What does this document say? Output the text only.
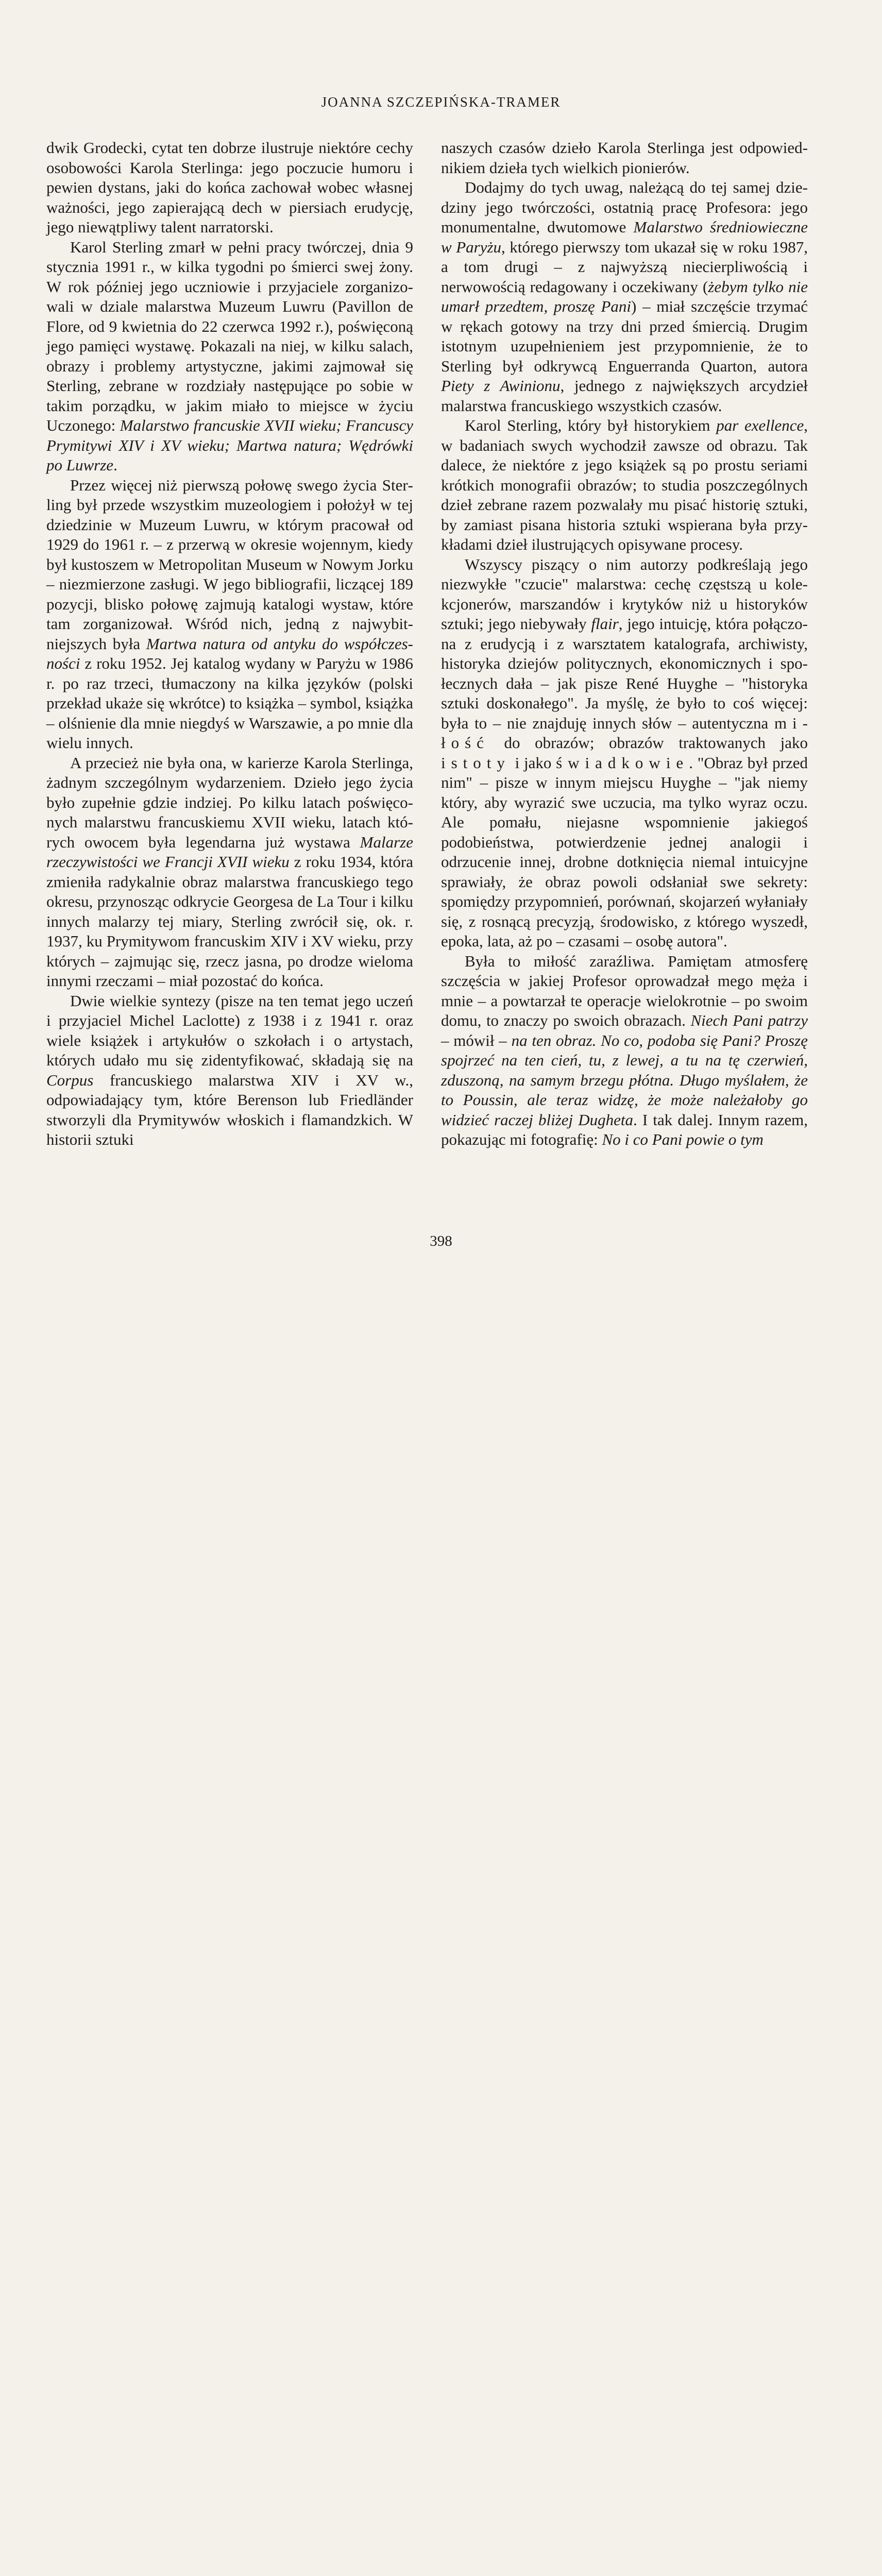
JOANNA SZCZEPIŃSKA-TRAMER

dwik Grodecki, cytat ten dobrze ilustruje niektóre cechy osobowości Karola Sterlinga: jego poczucie humoru i pewien dystans, jaki do końca zachował wobec własnej ważności, jego zapierającą dech w piersiach erudycję, jego niewątpliwy talent narratorski.

Karol Sterling zmarł w pełni pracy twórczej, dnia 9 stycznia 1991 r., w kilka tygodni po śmierci swej żony. W rok później jego uczniowie i przyjaciele zorganizowali w dziale malarstwa Muzeum Luwru (Pavillon de Flore, od 9 kwietnia do 22 czerwca 1992 r.), poświęconą jego pamięci wystawę. Pokazali na niej, w kilku salach, obrazy i problemy artystyczne, jakimi zajmował się Sterling, zebrane w rozdziały następujące po sobie w takim porządku, w jakim miało to miejsce w życiu Uczonego: Malarstwo francuskie XVII wieku; Francuscy Prymitywi XIV i XV wieku; Martwa natura; Wędrówki po Luwrze.

Przez więcej niż pierwszą połowę swego życia Sterling był przede wszystkim muzeologiem i położył w tej dziedzinie w Muzeum Luwru, w którym pracował od 1929 do 1961 r. – z przerwą w okresie wojennym, kiedy był kustoszem w Metropolitan Museum w Nowym Jorku – niezmierzone zasługi. W jego bibliografii, liczącej 189 pozycji, blisko połowę zajmują katalogi wystaw, które tam zorganizował. Wśród nich, jedną z najwybitniejszych była Martwa natura od antyku do współczesności z roku 1952. Jej katalog wydany w Paryżu w 1986 r. po raz trzeci, tłumaczony na kilka języków (polski przekład ukaże się wkrótce) to książka – symbol, książka – olśnienie dla mnie niegdyś w Warszawie, a po mnie dla wielu innych.

A przecież nie była ona, w karierze Karola Sterlinga, żadnym szczególnym wydarzeniem. Dzieło jego życia było zupełnie gdzie indziej. Po kilku latach poświęconych malarstwu francuskiemu XVII wieku, latach których owocem była legendarna już wystawa Malarze rzeczywistości we Francji XVII wieku z roku 1934, która zmieniła radykalnie obraz malarstwa francuskiego tego okresu, przynosząc odkrycie Georgesa de La Tour i kilku innych malarzy tej miary, Sterling zwrócił się, ok. r. 1937, ku Prymitywom francuskim XIV i XV wieku, przy których – zajmując się, rzecz jasna, po drodze wieloma innymi rzeczami – miał pozostać do końca.

Dwie wielkie syntezy (pisze na ten temat jego uczeń i przyjaciel Michel Laclotte) z 1938 i z 1941 r. oraz wiele książek i artykułów o szkołach i o artystach, których udało mu się zidentyfikować, składają się na Corpus francuskiego malarstwa XIV i XV w., odpowiadający tym, które Berenson lub Friedländer stworzyli dla Prymitywów włoskich i flamandzkich. W historii sztuki

naszych czasów dzieło Karola Sterlinga jest odpowiednikiem dzieła tych wielkich pionierów.

Dodajmy do tych uwag, należącą do tej samej dziedziny jego twórczości, ostatnią pracę Profesora: jego monumentalne, dwutomowe Malarstwo średniowieczne w Paryżu, którego pierwszy tom ukazał się w roku 1987, a tom drugi – z najwyższą niecierpliwością i nerwowością redagowany i oczekiwany (żebym tylko nie umarł przedtem, proszę Pani) – miał szczęście trzymać w rękach gotowy na trzy dni przed śmiercią. Drugim istotnym uzupełnieniem jest przypomnienie, że to Sterling był odkrywcą Enguerranda Quarton, autora Piety z Awinionu, jednego z największych arcydzieł malarstwa francuskiego wszystkich czasów.

Karol Sterling, który był historykiem par exellence, w badaniach swych wychodził zawsze od obrazu. Tak dalece, że niektóre z jego książek są po prostu seriami krótkich monografii obrazów; to studia poszczególnych dzieł zebrane razem pozwalały mu pisać historię sztuki, by zamiast pisana historia sztuki wspierana była przykładami dzieł ilustrujących opisywane procesy.

Wszyscy piszący o nim autorzy podkreślają jego niezwykłe "czucie" malarstwa: cechę częstszą u kolekcjonerów, marszandów i krytyków niż u historyków sztuki; jego niebywały flair, jego intuicję, która połączona z erudycją i z warsztatem katalografa, archiwisty, historyka dziejów politycznych, ekonomicznych i społecznych dała – jak pisze René Huyghe – "historyka sztuki doskonałego". Ja myślę, że było to coś więcej: była to – nie znajduję innych słów – autentyczna miłość do obrazów; obrazów traktowanych jako istoty i jako świadkowie. "Obraz był przed nim" – pisze w innym miejscu Huyghe – "jak niemy który, aby wyrazić swe uczucia, ma tylko wyraz oczu. Ale pomału, niejasne wspomnienie jakiegoś podobieństwa, potwierdzenie jednej analogii i odrzucenie innej, drobne dotknięcia niemal intuicyjne sprawiały, że obraz powoli odsłaniał swe sekrety: spomiędzy przypomnień, porównań, skojarzeń wyłaniały się, z rosnącą precyzją, środowisko, z którego wyszedł, epoka, lata, aż po – czasami – osobę autora".

Była to miłość zaraźliwa. Pamiętam atmosferę szczęścia w jakiej Profesor oprowadzał mego męża i mnie – a powtarzał te operacje wielokrotnie – po swoim domu, to znaczy po swoich obrazach. Niech Pani patrzy – mówił – na ten obraz. No co, podoba się Pani? Proszę spojrzeć na ten cień, tu, z lewej, a tu na tę czerwień, zduszoną, na samym brzegu płótna. Długo myślałem, że to Poussin, ale teraz widzę, że może należałoby go widzieć raczej bliżej Dugheta. I tak dalej. Innym razem, pokazując mi fotografię: No i co Pani powie o tym

398
